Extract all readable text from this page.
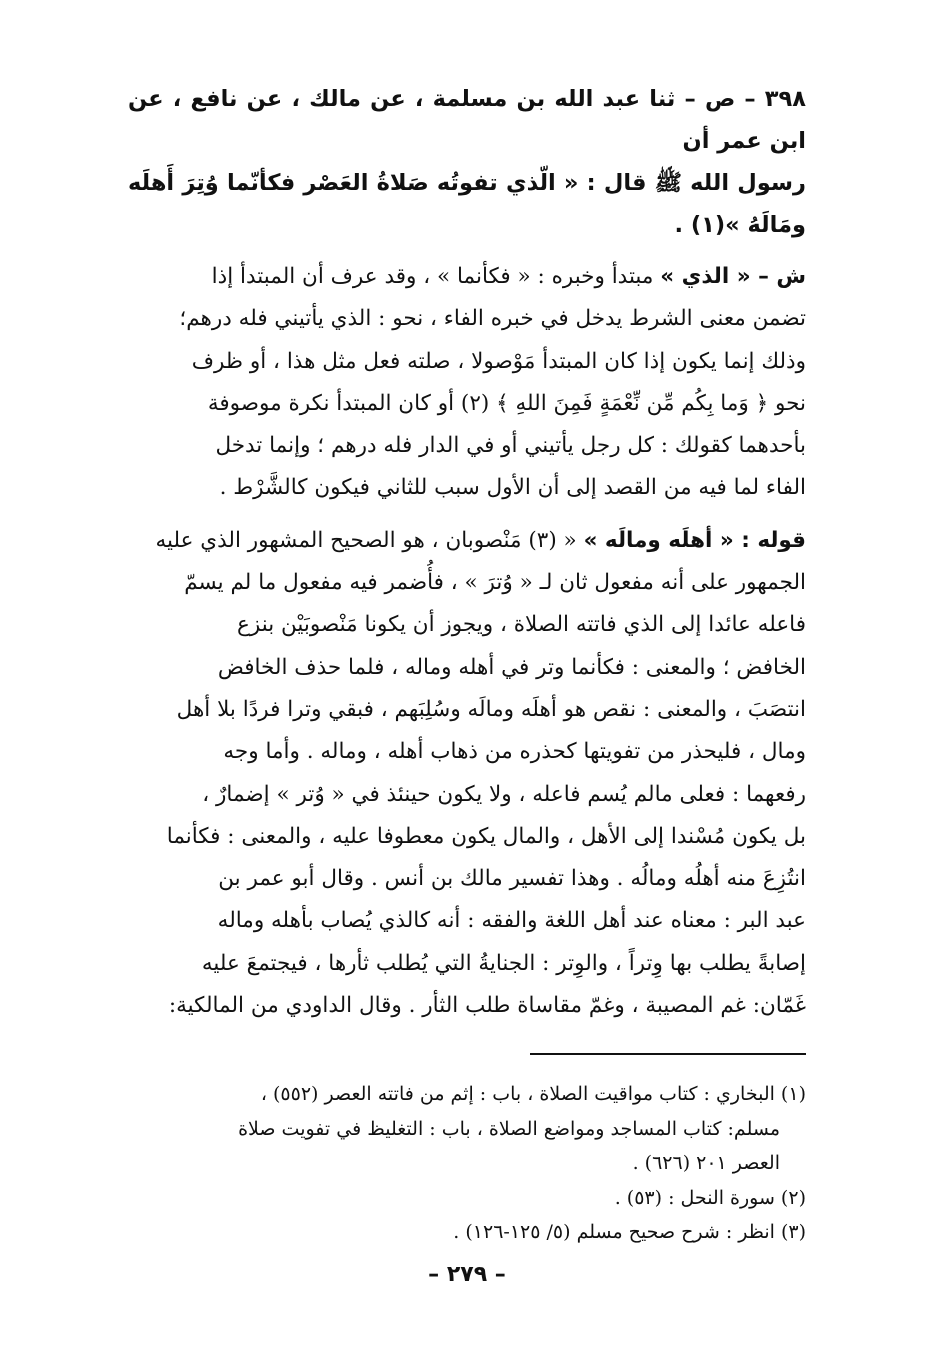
٣٩٨ – ص – ثنا عبد الله بن مسلمة ، عن مالك ، عن نافع ، عن ابن عمر أن
رسول الله ﷺ قال : « الّذي تفوتُه صَلاةُ العَصْر فكأنّما وُتِرَ أَهلَه ومَالَهُ »(١) .
ش – « الذي » مبتدأ وخبره : « فكأنما » ، وقد عرف أن المبتدأ إذا
تضمن معنى الشرط يدخل في خبره الفاء ، نحو : الذي يأتيني فله درهم؛
وذلك إنما يكون إذا كان المبتدأ مَوْصولا ، صلته فعل مثل هذا ، أو ظرف
نحو ﴿ وَما بِكُم مِّن نِّعْمَةٍ فَمِنَ اللهِ ﴾ (٢) أو كان المبتدأ نكرة موصوفة
بأحدهما كقولك : كل رجل يأتيني أو في الدار فله درهم ؛ وإنما تدخل
الفاء لما فيه من القصد إلى أن الأول سبب للثاني فيكون كالشَّرْط .
قوله : « أهلَه ومالَه » « (٣) مَنْصوبان ، هو الصحيح المشهور الذي عليه
الجمهور على أنه مفعول ثان لـ « وُترَ » ، فأُضمر فيه مفعول ما لم يسمّ
فاعله عائدا إلى الذي فاتته الصلاة ، ويجوز أن يكونا مَنْصوبَيْن بنزع
الخافض ؛ والمعنى : فكأنما وتر في أهله وماله ، فلما حذف الخافض
انتصَبَ ، والمعنى : نقص هو أهلَه ومالَه وسُلِبَهم ، فبقي وترا فردًا بلا أهل
ومال ، فليحذر من تفويتها كحذره من ذهاب أهله ، وماله . وأما وجه
رفعهما : فعلى مالم يُسم فاعله ، ولا يكون حينئذ في « وُتر » إضمارٌ ،
بل يكون مُسْندا إلى الأهل ، والمال يكون معطوفا عليه ، والمعنى : فكأنما
انتُزِعَ منه أهلُه ومالُه . وهذا تفسير مالك بن أنس . وقال أبو عمر بن
عبد البر : معناه عند أهل اللغة والفقه : أنه كالذي يُصاب بأهله وماله
إصابةً يطلب بها وِتراً ، والوِتر : الجنايةُ التي يُطلب ثأرها ، فيجتمعَ عليه
غَمّان: غم المصيبة ، وغمّ مقاساة طلب الثأر . وقال الداودي من المالكية:
(١) البخاري : كتاب مواقيت الصلاة ، باب : إثم من فاتته العصر (٥٥٢) ،
مسلم: كتاب المساجد ومواضع الصلاة ، باب : التغليظ في تفويت صلاة
العصر ٢٠١ (٦٢٦) .
(٢) سورة النحل : (٥٣) .
(٣) انظر : شرح صحيح مسلم (٥/ ١٢٥-١٢٦) .
– ٢٧٩ –
